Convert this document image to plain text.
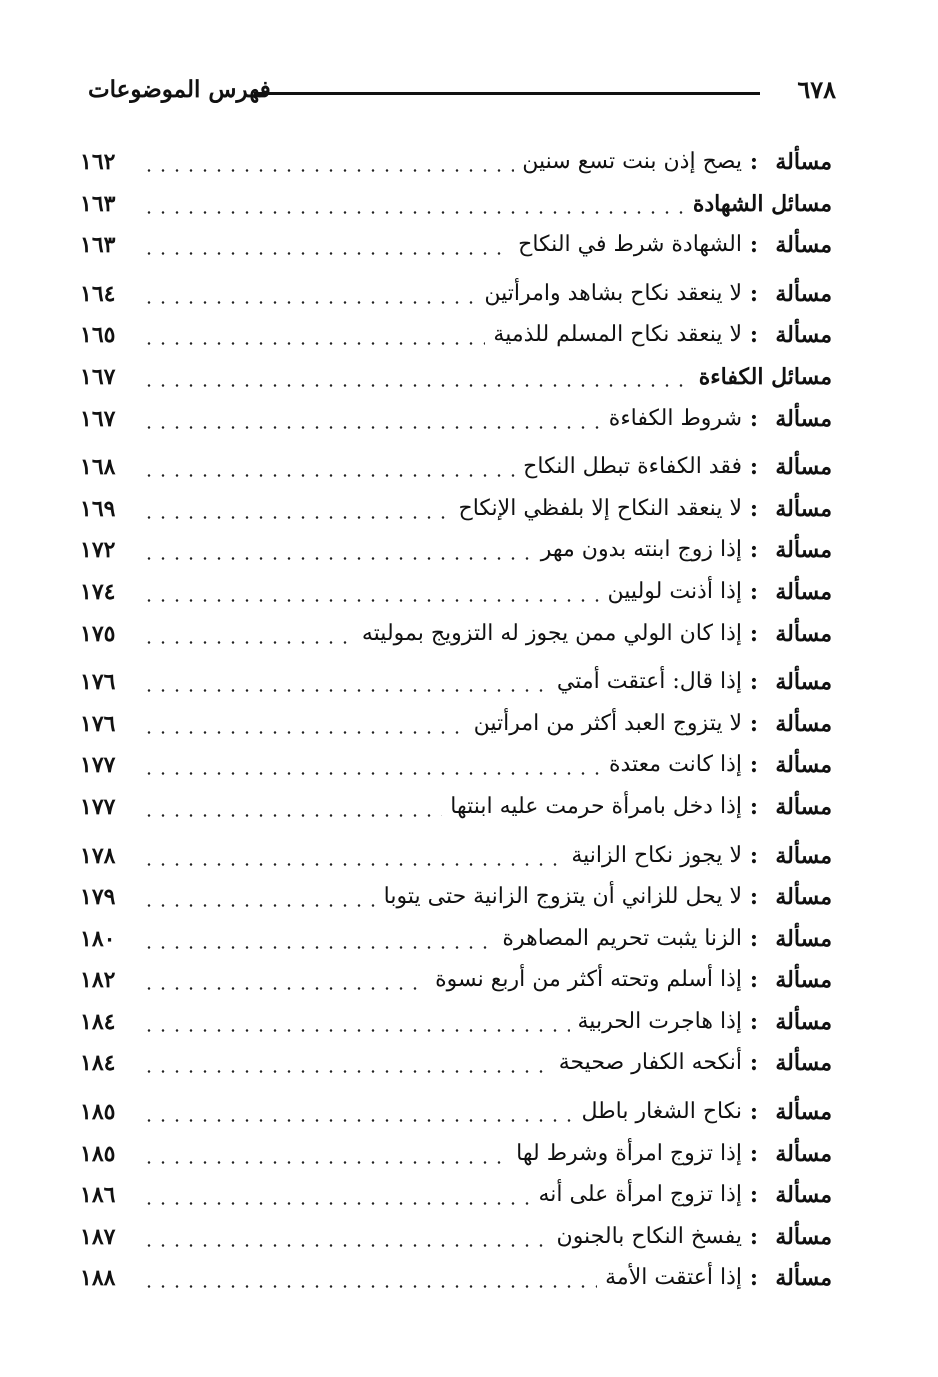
٦٧٨
فهرس الموضوعات
مسألة
:
يصح إذن بنت تسع سنين
١٦٢
مسائل الشهادة
١٦٣
مسألة
:
الشهادة شرط في النكاح
١٦٣
مسألة
:
لا ينعقد نكاح بشاهد وامرأتين
١٦٤
مسألة
:
لا ينعقد نكاح المسلم للذمية
١٦٥
مسائل الكفاءة
١٦٧
مسألة
:
شروط الكفاءة
١٦٧
مسألة
:
فقد الكفاءة تبطل النكاح
١٦٨
مسألة
:
لا ينعقد النكاح إلا بلفظي الإنكاح
١٦٩
مسألة
:
إذا زوج ابنته بدون مهر
١٧٢
مسألة
:
إذا أذنت لوليين
١٧٤
مسألة
:
إذا كان الولي ممن يجوز له التزويج بموليته
١٧٥
مسألة
:
إذا قال: أعتقت أمتي
١٧٦
مسألة
:
لا يتزوج العبد أكثر من امرأتين
١٧٦
مسألة
:
إذا كانت معتدة
١٧٧
مسألة
:
إذا دخل بامرأة حرمت عليه ابنتها
١٧٧
مسألة
:
لا يجوز نكاح الزانية
١٧٨
مسألة
:
لا يحل للزاني أن يتزوج الزانية حتى يتوبا
١٧٩
مسألة
:
الزنا يثبت تحريم المصاهرة
١٨٠
مسألة
:
إذا أسلم وتحته أكثر من أربع نسوة
١٨٢
مسألة
:
إذا هاجرت الحربية
١٨٤
مسألة
:
أنكحه الكفار صحيحة
١٨٤
مسألة
:
نكاح الشغار باطل
١٨٥
مسألة
:
إذا تزوج امرأة وشرط لها
١٨٥
مسألة
:
إذا تزوج امرأة على أنه
١٨٦
مسألة
:
يفسخ النكاح بالجنون
١٨٧
مسألة
:
إذا أعتقت الأمة
١٨٨
